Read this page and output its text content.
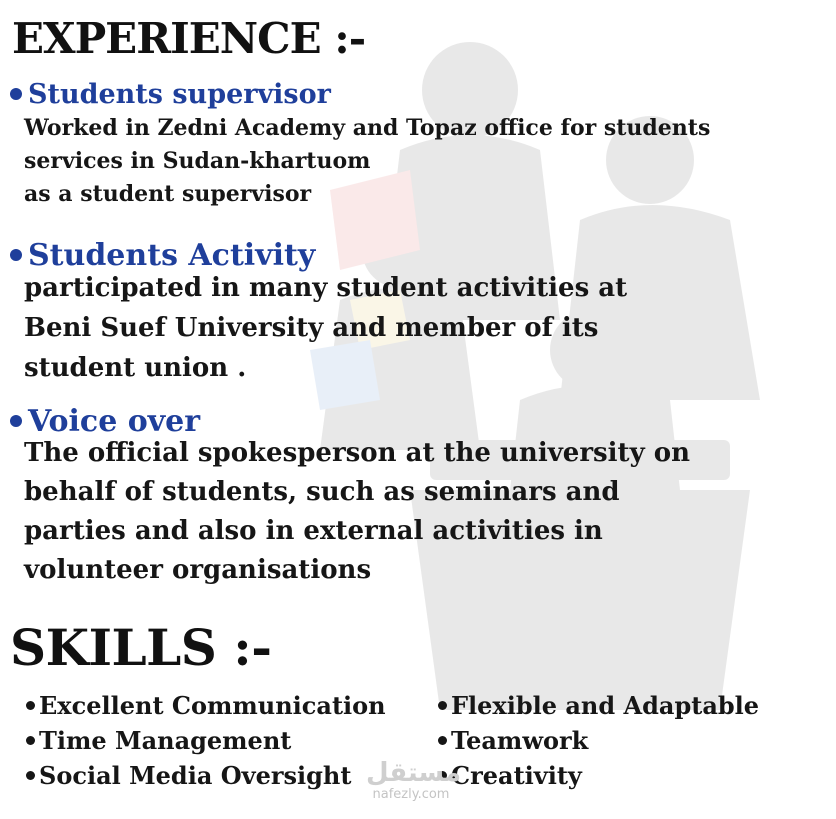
EXPERIENCE :-
Students supervisor
Worked in Zedni Academy and Topaz office for students
services in Sudan-khartuom
as a student supervisor
Students Activity
participated in many student activities at
Beni Suef University and member of its
student union .
Voice over
The official spokesperson at the university on
behalf of students, such as seminars and
parties and also in external activities in
volunteer organisations
SKILLS :-
Excellent Communication
Time Management
Social Media Oversight
Flexible and Adaptable
Teamwork
Creativity
مستقل
nafezly.com
